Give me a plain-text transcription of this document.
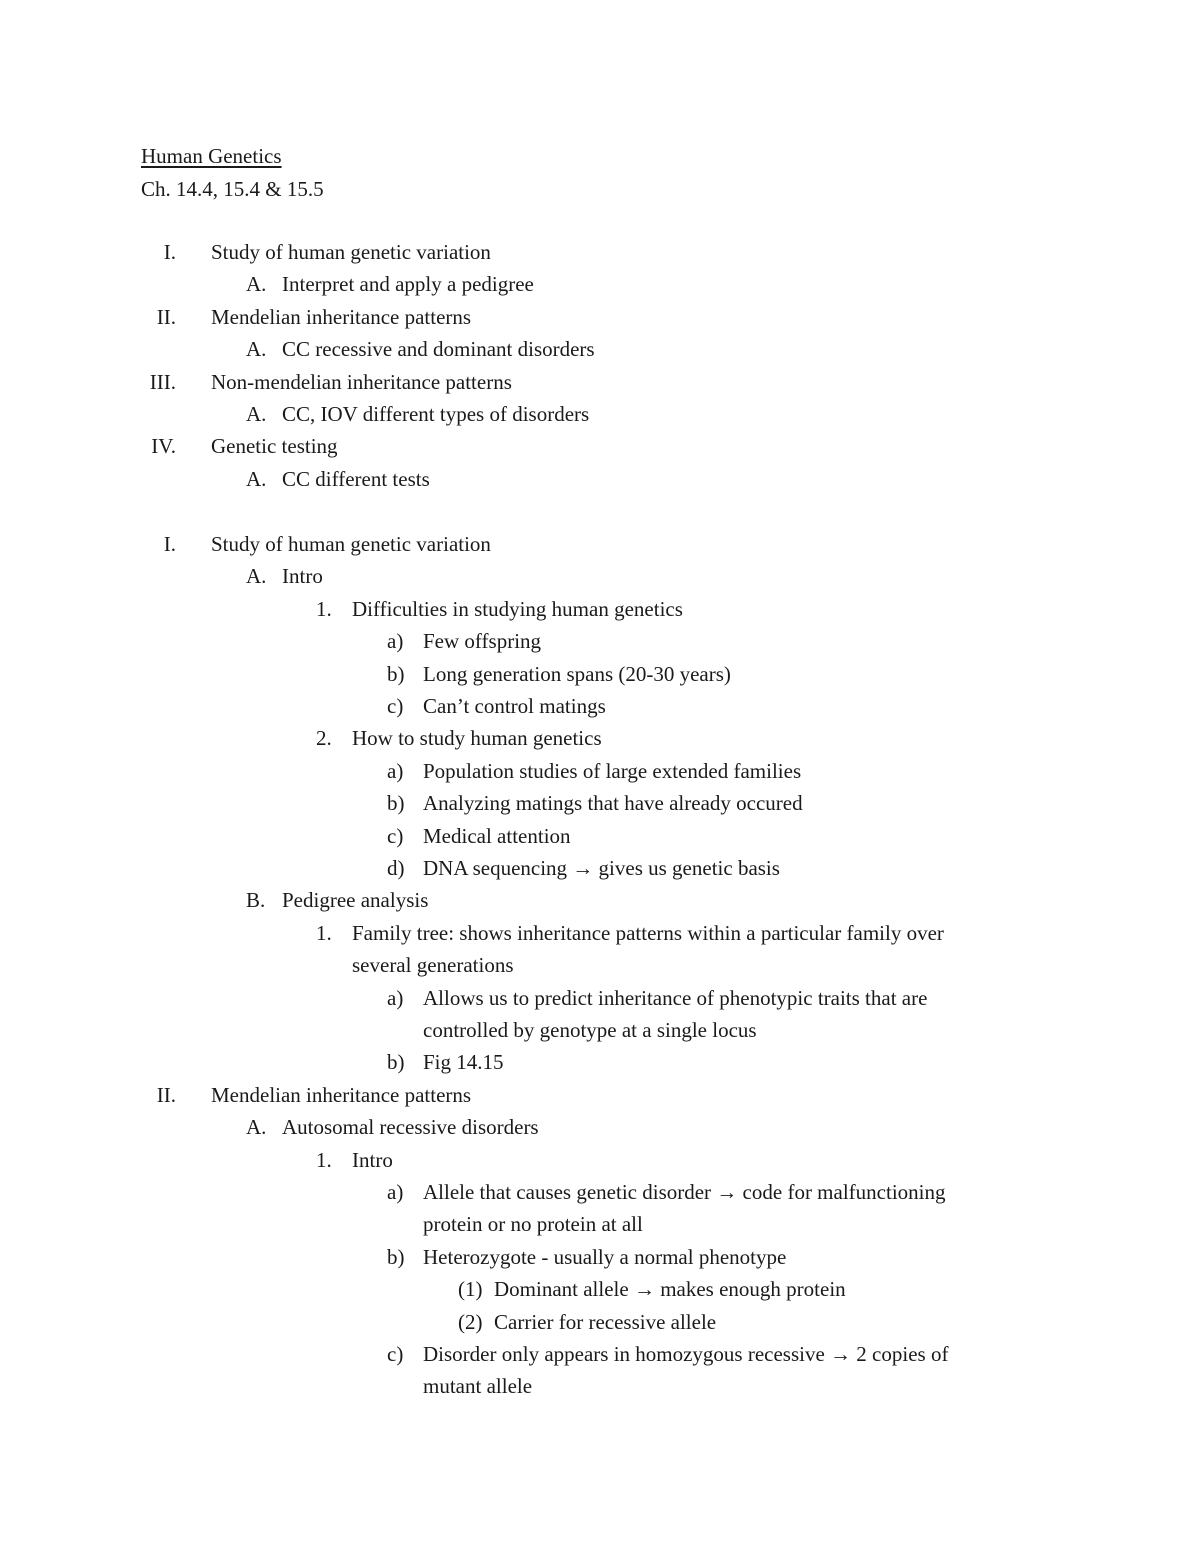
Human Genetics
Ch. 14.4, 15.4 & 15.5
I. Study of human genetic variation
A. Interpret and apply a pedigree
II. Mendelian inheritance patterns
A. CC recessive and dominant disorders
III. Non-mendelian inheritance patterns
A. CC, IOV different types of disorders
IV. Genetic testing
A. CC different tests
I. Study of human genetic variation
A. Intro
1. Difficulties in studying human genetics
a) Few offspring
b) Long generation spans (20-30 years)
c) Can’t control matings
2. How to study human genetics
a) Population studies of large extended families
b) Analyzing matings that have already occured
c) Medical attention
d) DNA sequencing → gives us genetic basis
B. Pedigree analysis
1. Family tree: shows inheritance patterns within a particular family over
several generations
a) Allows us to predict inheritance of phenotypic traits that are
controlled by genotype at a single locus
b) Fig 14.15
II. Mendelian inheritance patterns
A. Autosomal recessive disorders
1. Intro
a) Allele that causes genetic disorder → code for malfunctioning
protein or no protein at all
b) Heterozygote - usually a normal phenotype
(1) Dominant allele → makes enough protein
(2) Carrier for recessive allele
c) Disorder only appears in homozygous recessive → 2 copies of
mutant allele
